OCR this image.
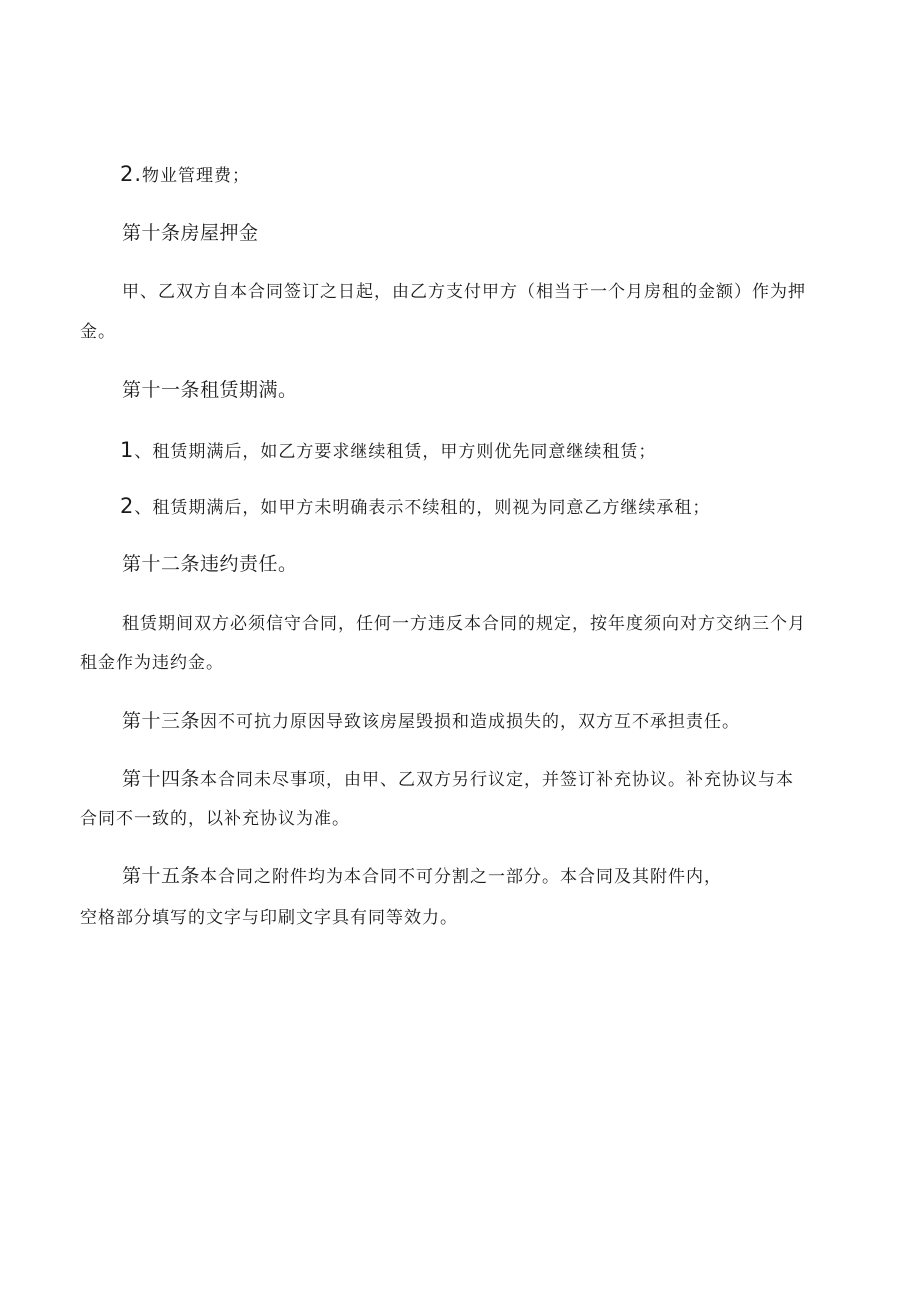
2.物业管理费；
第十条房屋押金
甲、乙双方自本合同签订之日起，由乙方支付甲方（相当于一个月房租的金额）作为押
金。
第十一条租赁期满。
1、租赁期满后，如乙方要求继续租赁，甲方则优先同意继续租赁；
2、租赁期满后，如甲方未明确表示不续租的，则视为同意乙方继续承租；
第十二条违约责任。
租赁期间双方必须信守合同，任何一方违反本合同的规定，按年度须向对方交纳三个月
租金作为违约金。
第十三条因不可抗力原因导致该房屋毁损和造成损失的，双方互不承担责任。
第十四条本合同未尽事项，由甲、乙双方另行议定，并签订补充协议。补充协议与本
合同不一致的，以补充协议为准。
第十五条本合同之附件均为本合同不可分割之一部分。本合同及其附件内，
空格部分填写的文字与印刷文字具有同等效力。
